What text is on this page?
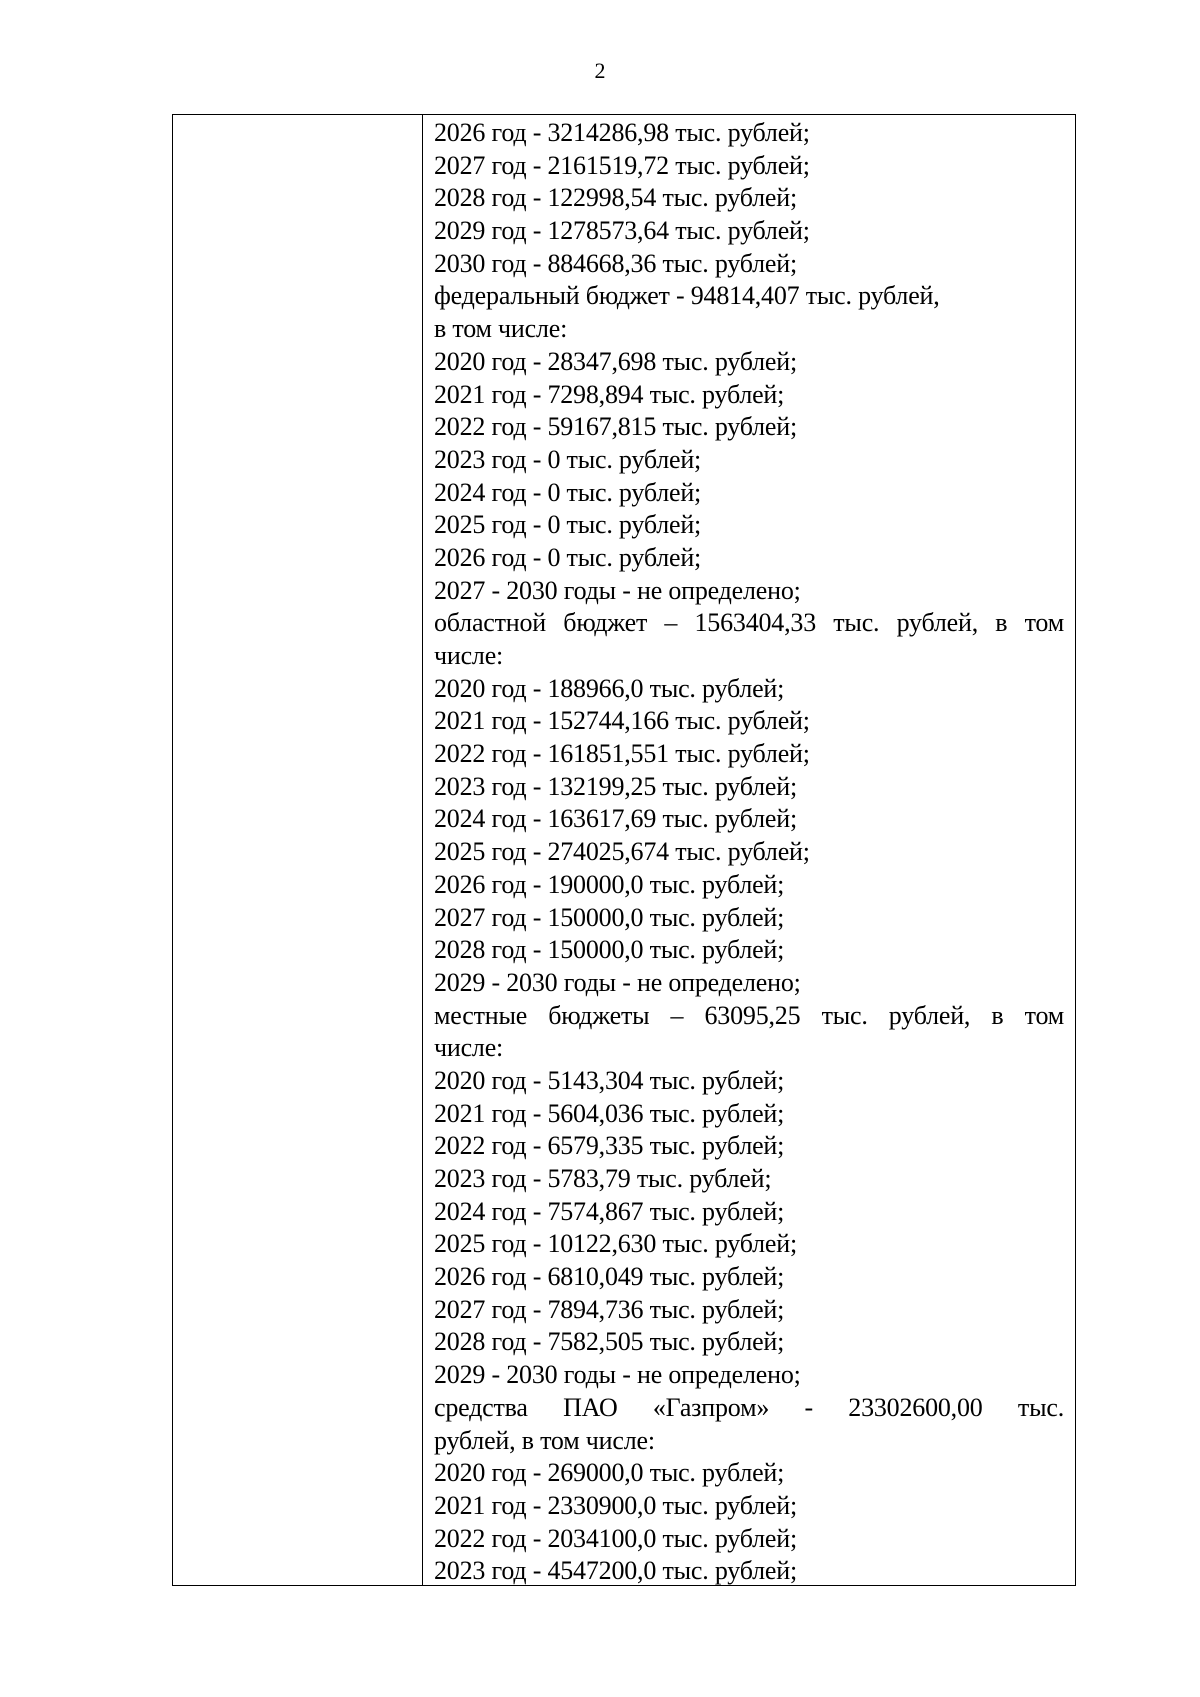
2
2026 год - 3214286,98 тыс. рублей;
2027 год - 2161519,72 тыс. рублей;
2028 год - 122998,54 тыс. рублей;
2029 год - 1278573,64 тыс. рублей;
2030 год - 884668,36 тыс. рублей;
федеральный бюджет - 94814,407 тыс. рублей,
в том числе:
2020 год - 28347,698 тыс. рублей;
2021 год - 7298,894 тыс. рублей;
2022 год - 59167,815 тыс. рублей;
2023 год - 0 тыс. рублей;
2024 год - 0 тыс. рублей;
2025 год - 0 тыс. рублей;
2026 год - 0 тыс. рублей;
2027 - 2030 годы - не определено;
областной бюджет – 1563404,33 тыс. рублей, в том
числе:
2020 год - 188966,0 тыс. рублей;
2021 год - 152744,166 тыс. рублей;
2022 год - 161851,551 тыс. рублей;
2023 год - 132199,25 тыс. рублей;
2024 год - 163617,69 тыс. рублей;
2025 год - 274025,674 тыс. рублей;
2026 год - 190000,0 тыс. рублей;
2027 год - 150000,0 тыс. рублей;
2028 год - 150000,0 тыс. рублей;
2029 - 2030 годы - не определено;
местные бюджеты – 63095,25 тыс. рублей, в том
числе:
2020 год - 5143,304 тыс. рублей;
2021 год - 5604,036 тыс. рублей;
2022 год - 6579,335 тыс. рублей;
2023 год - 5783,79 тыс. рублей;
2024 год - 7574,867 тыс. рублей;
2025 год - 10122,630 тыс. рублей;
2026 год - 6810,049 тыс. рублей;
2027 год - 7894,736 тыс. рублей;
2028 год - 7582,505 тыс. рублей;
2029 - 2030 годы - не определено;
средства ПАО «Газпром» - 23302600,00 тыс.
рублей, в том числе:
2020 год - 269000,0 тыс. рублей;
2021 год - 2330900,0 тыс. рублей;
2022 год - 2034100,0 тыс. рублей;
2023 год - 4547200,0 тыс. рублей;
